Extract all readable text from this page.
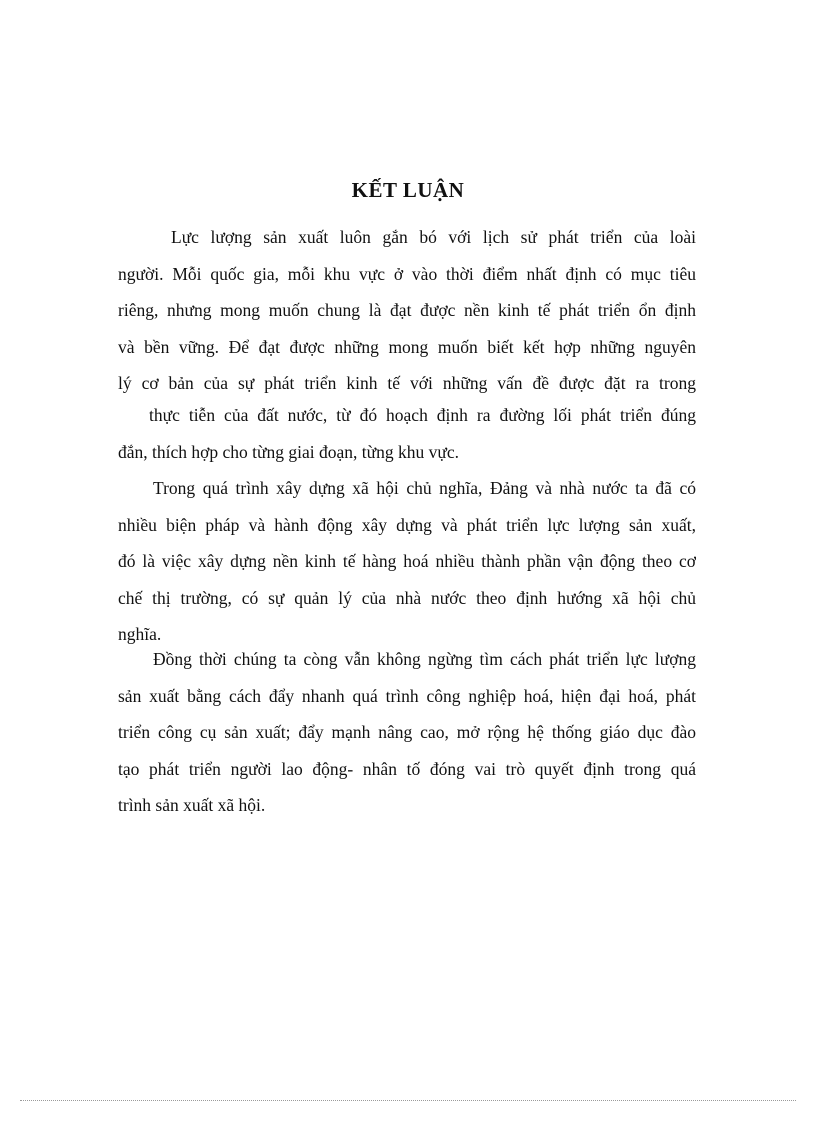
KẾT LUẬN
Lực lượng sản xuất luôn gắn bó với lịch sử phát triển của loài
người. Mỗi quốc gia, mỗi khu vực ở vào thời điểm nhất định có mục tiêu
riêng, nhưng mong muốn chung là đạt được nền kinh tế phát triển ổn định
và bền vững. Để đạt được những mong muốn biết kết hợp những nguyên
lý cơ bản của sự phát triển kinh tế với những vấn đề được đặt ra trong
thực tiễn của đất nước, từ đó hoạch định ra đường lối phát triển đúng
đắn, thích hợp cho từng giai đoạn, từng khu vực.
Trong quá trình xây dựng xã hội chủ nghĩa, Đảng và nhà nước ta đã có
nhiều biện pháp và hành động xây dựng và phát triển lực lượng sản xuất,
đó là việc xây dựng nền kinh tế hàng hoá nhiều thành phần vận động theo cơ
chế thị trường, có sự quản lý của nhà nước theo định hướng xã hội chủ
nghĩa.
Đồng thời chúng ta còng vẫn không ngừng tìm cách phát triển lực lượng
sản xuất bằng cách đẩy nhanh quá trình công nghiệp hoá, hiện đại hoá, phát
triển công cụ sản xuất; đẩy mạnh nâng cao, mở rộng hệ thống giáo dục đào
tạo phát triển người lao động- nhân tố đóng vai trò quyết định trong quá
trình sản xuất xã hội.
